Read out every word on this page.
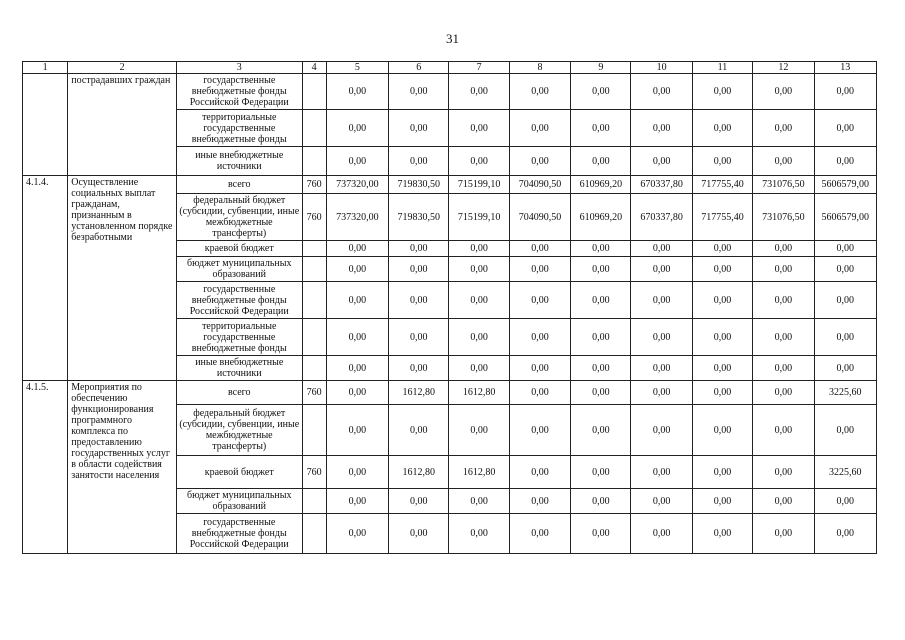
31
1	2	3	4	5	6	7	8	9	10	11	12	13
	пострадавших граждан	государственные внебюджетные фонды Российской Федерации		0,00	0,00	0,00	0,00	0,00	0,00	0,00	0,00	0,00
		территориальные государственные внебюджетные фонды		0,00	0,00	0,00	0,00	0,00	0,00	0,00	0,00	0,00
		иные внебюджетные источники		0,00	0,00	0,00	0,00	0,00	0,00	0,00	0,00	0,00
4.1.4.	Осуществление социальных выплат гражданам, признанным в установленном порядке безработными	всего	760	737320,00	719830,50	715199,10	704090,50	610969,20	670337,80	717755,40	731076,50	5606579,00
		федеральный бюджет (субсидии, субвенции, иные межбюджетные трансферты)	760	737320,00	719830,50	715199,10	704090,50	610969,20	670337,80	717755,40	731076,50	5606579,00
		краевой бюджет		0,00	0,00	0,00	0,00	0,00	0,00	0,00	0,00	0,00
		бюджет муниципальных образований		0,00	0,00	0,00	0,00	0,00	0,00	0,00	0,00	0,00
		государственные внебюджетные фонды Российской Федерации		0,00	0,00	0,00	0,00	0,00	0,00	0,00	0,00	0,00
		территориальные государственные внебюджетные фонды		0,00	0,00	0,00	0,00	0,00	0,00	0,00	0,00	0,00
		иные внебюджетные источники		0,00	0,00	0,00	0,00	0,00	0,00	0,00	0,00	0,00
4.1.5.	Мероприятия по обеспечению функционирования программного комплекса по предоставлению государственных услуг в области содействия занятости населения	всего	760	0,00	1612,80	1612,80	0,00	0,00	0,00	0,00	0,00	3225,60
		федеральный бюджет (субсидии, субвенции, иные межбюджетные трансферты)		0,00	0,00	0,00	0,00	0,00	0,00	0,00	0,00	0,00
		краевой бюджет	760	0,00	1612,80	1612,80	0,00	0,00	0,00	0,00	0,00	3225,60
		бюджет муниципальных образований		0,00	0,00	0,00	0,00	0,00	0,00	0,00	0,00	0,00
		государственные внебюджетные фонды Российской Федерации		0,00	0,00	0,00	0,00	0,00	0,00	0,00	0,00	0,00
